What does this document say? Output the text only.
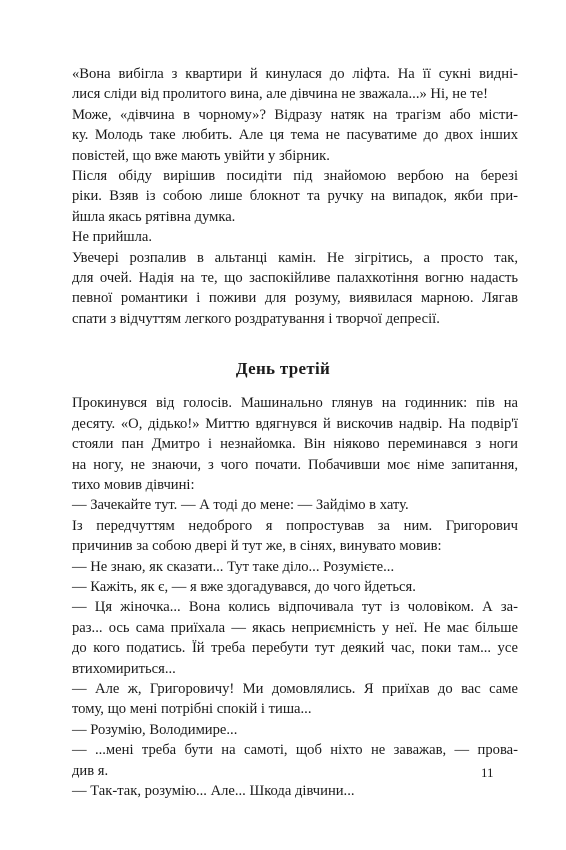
«Вона вибігла з квартири й кинулася до ліфта. На її сукні видні-
лися сліди від пролитого вина, але дівчина не зважала...» Ні, не те!

Може, «дівчина в чорному»? Відразу натяк на трагізм або місти-
ку. Молодь таке любить. Але ця тема не пасуватиме до двох інших
повістей, що вже мають увійти у збірник.

Після обіду вирішив посидіти під знайомою вербою на березі
ріки. Взяв із собою лише блокнот та ручку на випадок, якби при-
йшла якась рятівна думка.

Не прийшла.

Увечері розпалив в альтанці камін. Не зігрітись, а просто так,
для очей. Надія на те, що заспокійливе палахкотіння вогню надасть
певної романтики і поживи для розуму, виявилася марною. Лягав
спати з відчуттям легкого роздратування і творчої депресії.

День третій

Прокинувся від голосів. Машинально глянув на годинник: пів на
десяту. «О, дідько!» Миттю вдягнувся й вискочив надвір. На подвір'ї
стояли пан Дмитро і незнайомка. Він ніяково переминався з ноги
на ногу, не знаючи, з чого почати. Побачивши моє німе запитання,
тихо мовив дівчині:

— Зачекайте тут. — А тоді до мене: — Зайдімо в хату.

Із передчуттям недоброго я попростував за ним. Григорович
причинив за собою двері й тут же, в сінях, винувато мовив:

— Не знаю, як сказати... Тут таке діло... Розумієте...

— Кажіть, як є, — я вже здогадувався, до чого йдеться.

— Ця жіночка... Вона колись відпочивала тут із чоловіком. А за-
раз... ось сама приїхала — якась неприємність у неї. Не має більше
до кого податись. Їй треба перебути тут деякий час, поки там... усе
втихомириться...

— Але ж, Григоровичу! Ми домовлялись. Я приїхав до вас саме
тому, що мені потрібні спокій і тиша...

— Розумію, Володимире...

— ...мені треба бути на самоті, щоб ніхто не заважав, — прова-
див я.

— Так-так, розумію... Але... Шкода дівчини...

11
